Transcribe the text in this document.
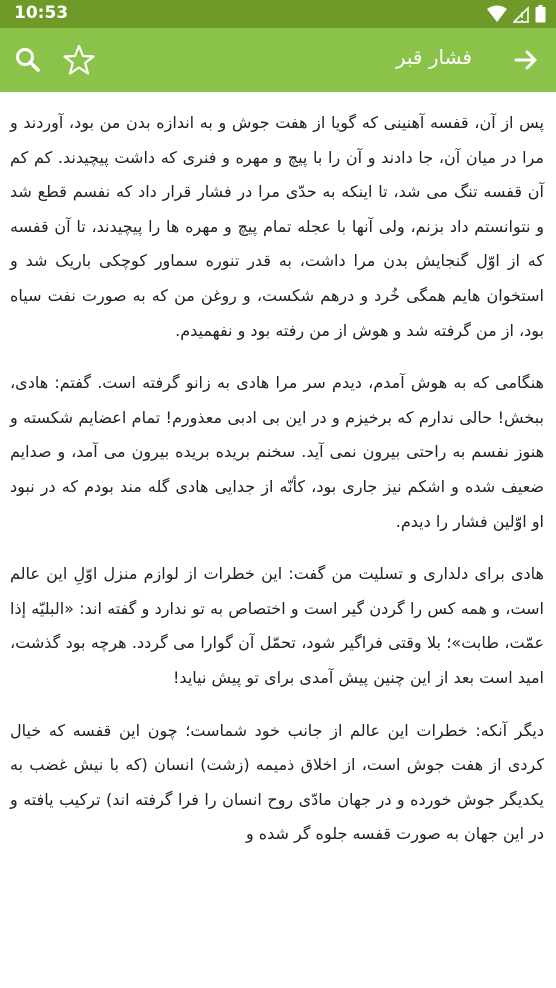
10:53
فشار قبر

پس از آن، قفسه آهنینی که گویا از هفت جوش و به اندازه بدن من بود، آوردند و مرا در میان آن، جا دادند و آن را با پیچ و مهره و فنری که داشت پیچیدند. کم کم آن قفسه تنگ می شد، تا اینکه به حدّی مرا در فشار قرار داد که نفسم قطع شد و نتوانستم داد بزنم، ولی آنها با عجله تمام پیچ و مهره ها را پیچیدند، تا آن قفسه که از اوّل گنجایش بدن مرا داشت، به قدر تنوره سماور کوچکی باریک شد و استخوان هایم همگی خُرد و درهم شکست، و روغن من که به صورت نفت سیاه بود، از من گرفته شد و هوش از من رفته بود و نفهمیدم.

هنگامی که به هوش آمدم، دیدم سر مرا هادی به زانو گرفته است. گفتم: هادی، ببخش! حالی ندارم که برخیزم و در این بی ادبی معذورم! تمام اعضایم شکسته و هنوز نفسم به راحتی بیرون نمی آید. سخنم بریده بریده بیرون می آمد، و صدایم ضعیف شده و اشکم نیز جاری بود، کأنّه از جدایی هادی گله مند بودم که در نبود او اوّلین فشار را دیدم.

هادی برای دلداری و تسلیت من گفت: این خطرات از لوازم منزل اوّلِ این عالم است، و همه کس را گردن گیر است و اختصاص به تو ندارد و گفته اند: «البليّه إذا عمّت، طابت»؛ بلا وقتی فراگیر شود، تحمّل آن گوارا می گردد. هرچه بود گذشت، امید است بعد از این چنین پیش آمدی برای تو پیش نیاید!

دیگر آنکه: خطرات این عالم از جانب خود شماست؛ چون این قفسه که خیال کردی از هفت جوش است، از اخلاق ذمیمه (زشت) انسان (که با نیش غضب به یکدیگر جوش خورده و در جهان مادّی روح انسان را فرا گرفته اند) ترکیب یافته و در این جهان به صورت قفسه جلوه گر شده و
